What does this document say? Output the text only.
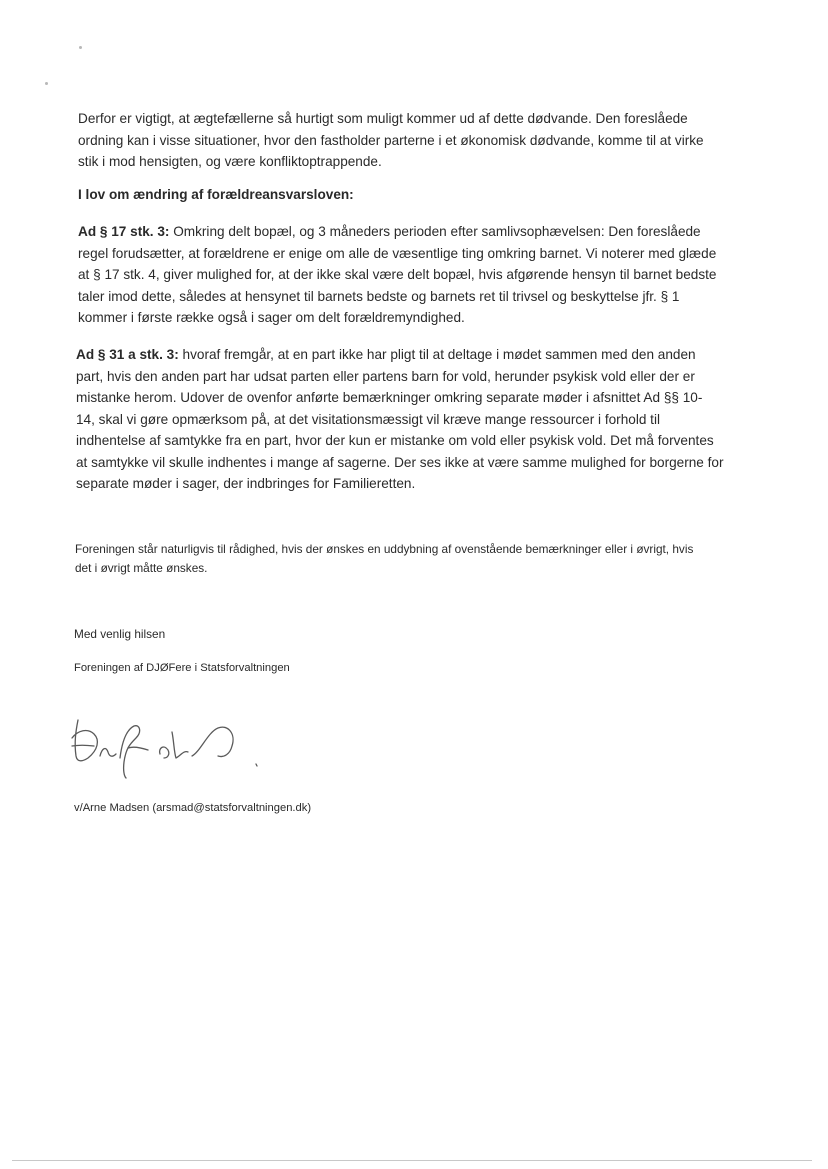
Derfor er vigtigt, at ægtefællerne så hurtigt som muligt kommer ud af dette dødvande. Den foreslåede
ordning kan i visse situationer, hvor den fastholder parterne i et økonomisk dødvande, komme til at virke
stik i mod hensigten, og være konfliktoptrappende.

I lov om ændring af forældreansvarsloven:

Ad § 17 stk. 3: Omkring delt bopæl, og 3 måneders perioden efter samlivsophævelsen: Den foreslåede
regel forudsætter, at forældrene er enige om alle de væsentlige ting omkring barnet. Vi noterer med glæde
at § 17 stk. 4, giver mulighed for, at der ikke skal være delt bopæl, hvis afgørende hensyn til barnet bedste
taler imod dette, således at hensynet til barnets bedste og barnets ret til trivsel og beskyttelse jfr. § 1
kommer i første række også i sager om delt forældremyndighed.

Ad § 31 a stk. 3: hvoraf fremgår, at en part ikke har pligt til at deltage i mødet sammen med den anden
part, hvis den anden part har udsat parten eller partens barn for vold, herunder psykisk vold eller der er
mistanke herom. Udover de ovenfor anførte bemærkninger omkring separate møder i afsnittet Ad §§ 10-
14, skal vi gøre opmærksom på, at det visitationsmæssigt vil kræve mange ressourcer i forhold til
indhentelse af samtykke fra en part, hvor der kun er mistanke om vold eller psykisk vold. Det må forventes
at samtykke vil skulle indhentes i mange af sagerne. Der ses ikke at være samme mulighed for borgerne for
separate møder i sager, der indbringes for Familieretten.

Foreningen står naturligvis til rådighed, hvis der ønskes en uddybning af ovenstående bemærkninger eller i øvrigt, hvis
det i øvrigt måtte ønskes.

Med venlig hilsen

Foreningen af DJØFere i Statsforvaltningen

v/Arne Madsen (arsmad@statsforvaltningen.dk)
